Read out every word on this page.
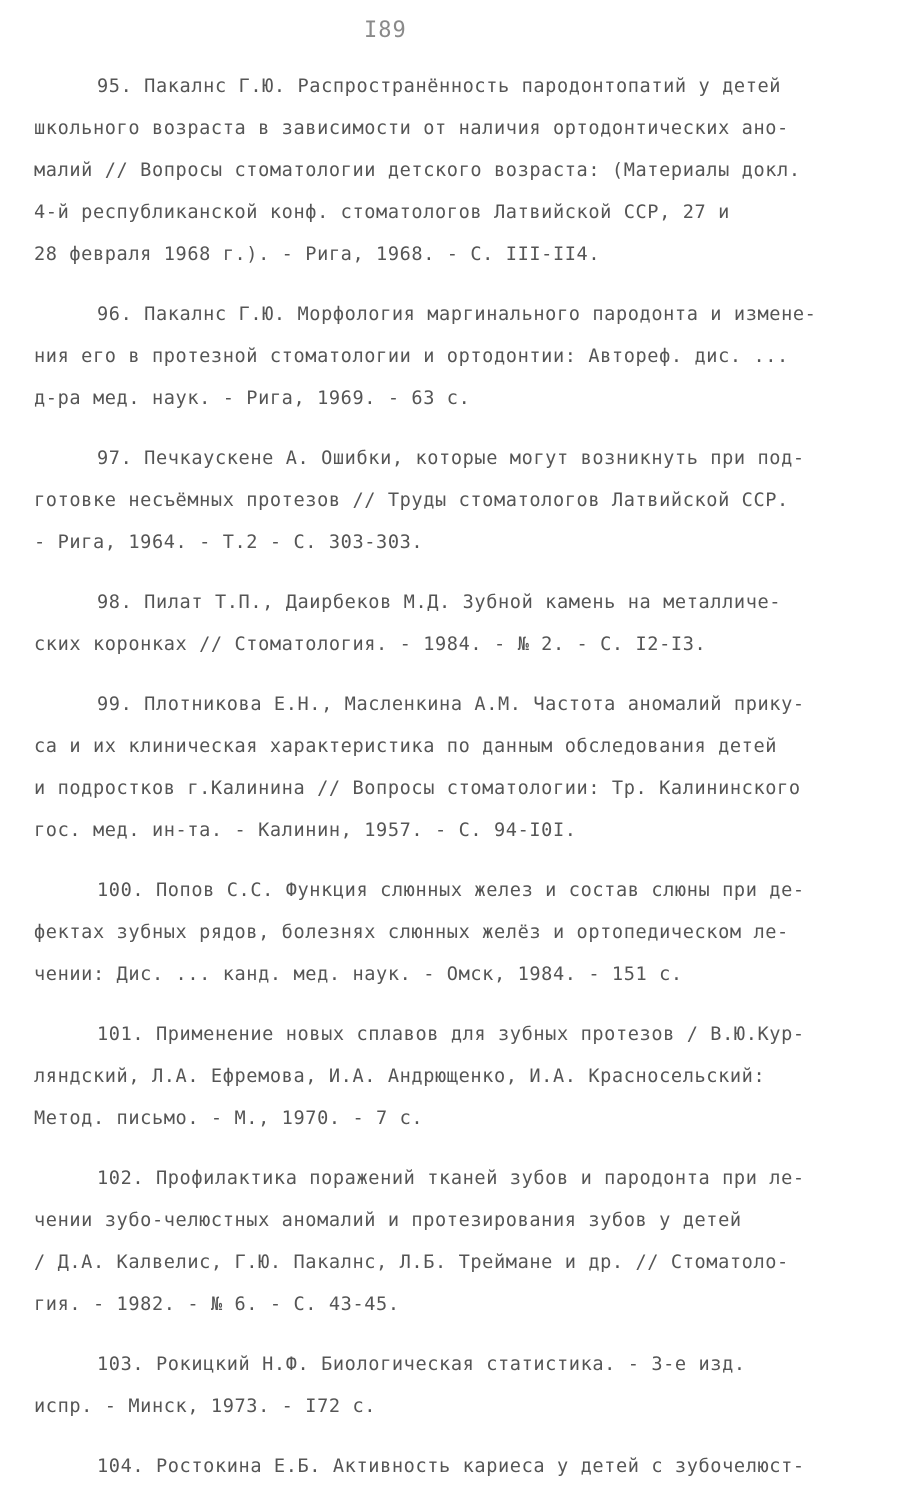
I89
95. Пакалнс Г.Ю. Распространённость пародонтопатий у детей
школьного возраста в зависимости от наличия ортодонтических ано-
малий // Вопросы стоматологии детского возраста: (Материалы докл.
4-й республиканской конф. стоматологов Латвийской ССР, 27 и
28 февраля 1968 г.). - Рига, 1968. - С. III-II4.
96. Пакалнс Г.Ю. Морфология маргинального пародонта и измене-
ния его в протезной стоматологии и ортодонтии: Автореф. дис. ...
д-ра мед. наук. - Рига, 1969. - 63 с.
97. Печкаускене А. Ошибки, которые могут возникнуть при под-
готовке несъёмных протезов // Труды стоматологов Латвийской ССР.
- Рига, 1964. - Т.2 - С. 303-303.
98. Пилат Т.П., Даирбеков М.Д. Зубной камень на металличе-
ских коронках // Стоматология. - 1984. - № 2. - С. I2-I3.
99. Плотникова Е.Н., Масленкина А.М. Частота аномалий прику-
са и их клиническая характеристика по данным обследования детей
и подростков г.Калинина // Вопросы стоматологии: Тр. Калининского
гос. мед. ин-та. - Калинин, 1957. - С. 94-I0I.
100. Попов С.С. Функция слюнных желез и состав слюны при де-
фектах зубных рядов, болезнях слюнных желёз и ортопедическом ле-
чении: Дис. ... канд. мед. наук. - Омск, 1984. - 151 с.
101. Применение новых сплавов для зубных протезов / В.Ю.Кур-
ляндский, Л.А. Ефремова, И.А. Андрющенко, И.А. Красносельский:
Метод. письмо. - М., 1970. - 7 с.
102. Профилактика поражений тканей зубов и пародонта при ле-
чении зубо-челюстных аномалий и протезирования зубов у детей
/ Д.А. Калвелис, Г.Ю. Пакалнс, Л.Б. Треймане и др. // Стоматоло-
гия. - 1982. - № 6. - С. 43-45.
103. Рокицкий Н.Ф. Биологическая статистика. - 3-е изд.
испр. - Минск, 1973. - I72 с.
104. Ростокина Е.Б. Активность кариеса у детей с зубочелюст-
